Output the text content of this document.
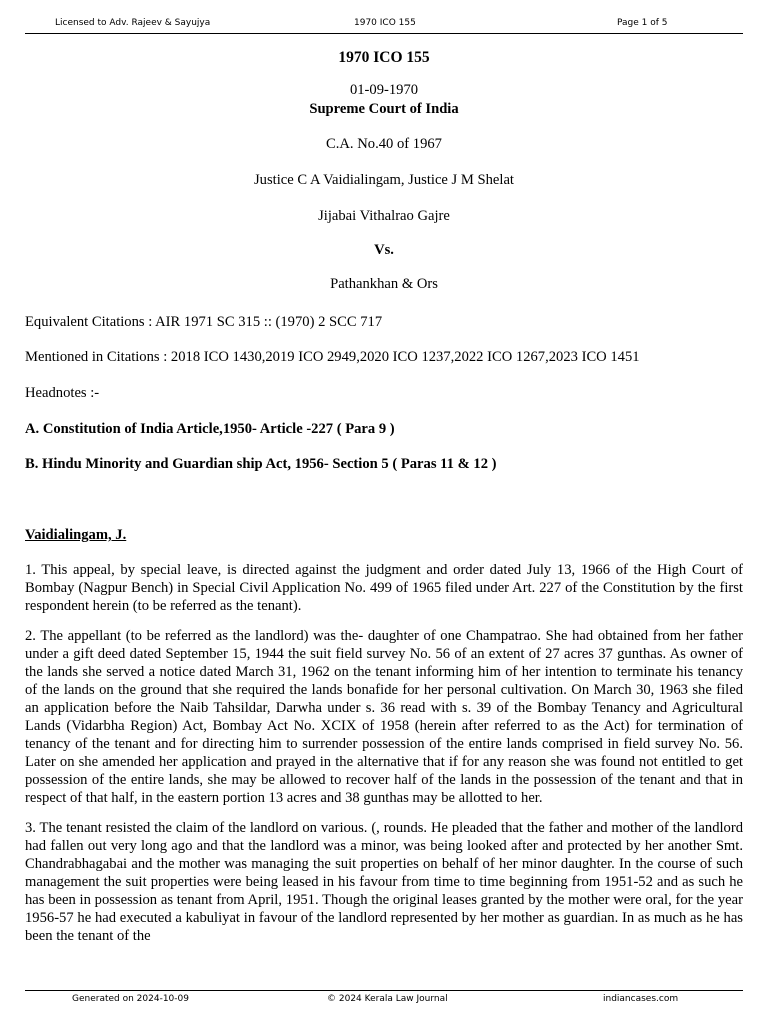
Licensed to Adv. Rajeev & Sayujya	1970 ICO 155	Page 1 of 5

1970 ICO 155

01-09-1970

Supreme Court of India

C.A. No.40 of 1967

Justice C A Vaidialingam, Justice J M Shelat

Jijabai Vithalrao Gajre

Vs.

Pathankhan & Ors

Equivalent Citations : AIR 1971 SC 315 :: (1970) 2 SCC 717

Mentioned in Citations : 2018 ICO 1430,2019 ICO 2949,2020 ICO 1237,2022 ICO 1267,2023 ICO 1451

Headnotes :-

A. Constitution of India Article,1950- Article -227 ( Para 9 )

B. Hindu Minority and Guardian ship Act, 1956- Section 5 ( Paras 11 & 12 )

Vaidialingam, J.

1. This appeal, by special leave, is directed against the judgment and order dated July 13, 1966 of the High Court of Bombay (Nagpur Bench) in Special Civil Application No. 499 of 1965 filed under Art. 227 of the Constitution by the first respondent herein (to be referred as the tenant).

2. The appellant (to be referred as the landlord) was the- daughter of one Champatrao. She had obtained from her father under a gift deed dated September 15, 1944 the suit field survey No. 56 of an extent of 27 acres 37 gunthas. As owner of the lands she served a notice dated March 31, 1962 on the tenant informing him of her intention to terminate his tenancy of the lands on the ground that she required the lands bonafide for her personal cultivation. On March 30, 1963 she filed an application before the Naib Tahsildar, Darwha under s. 36 read with s. 39 of the Bombay Tenancy and Agricultural Lands (Vidarbha Region) Act, Bombay Act No. XCIX of 1958 (herein after referred to as the Act) for termination of tenancy of the tenant and for directing him to surrender possession of the entire lands comprised in field survey No. 56. Later on she amended her application and prayed in the alternative that if for any reason she was found not entitled to get possession of the entire lands, she may be allowed to recover half of the lands in the possession of the tenant and that in respect of that half, in the eastern portion 13 acres and 38 gunthas may be allotted to her.

3. The tenant resisted the claim of the landlord on various. (, rounds. He pleaded that the father and mother of the landlord had fallen out very long ago and that the landlord was a minor, was being looked after and protected by her another Smt. Chandrabhagabai and the mother was managing the suit properties on behalf of her minor daughter. In the course of such management the suit properties were being leased in his favour from time to time beginning from 1951-52 and as such he has been in possession as tenant from April, 1951. Though the original leases granted by the mother were oral, for the year 1956-57 he had executed a kabuliyat in favour of the landlord represented by her mother as guardian. In as much as he has been the tenant of the

Generated on 2024-10-09	© 2024 Kerala Law Journal	indiancases.com
